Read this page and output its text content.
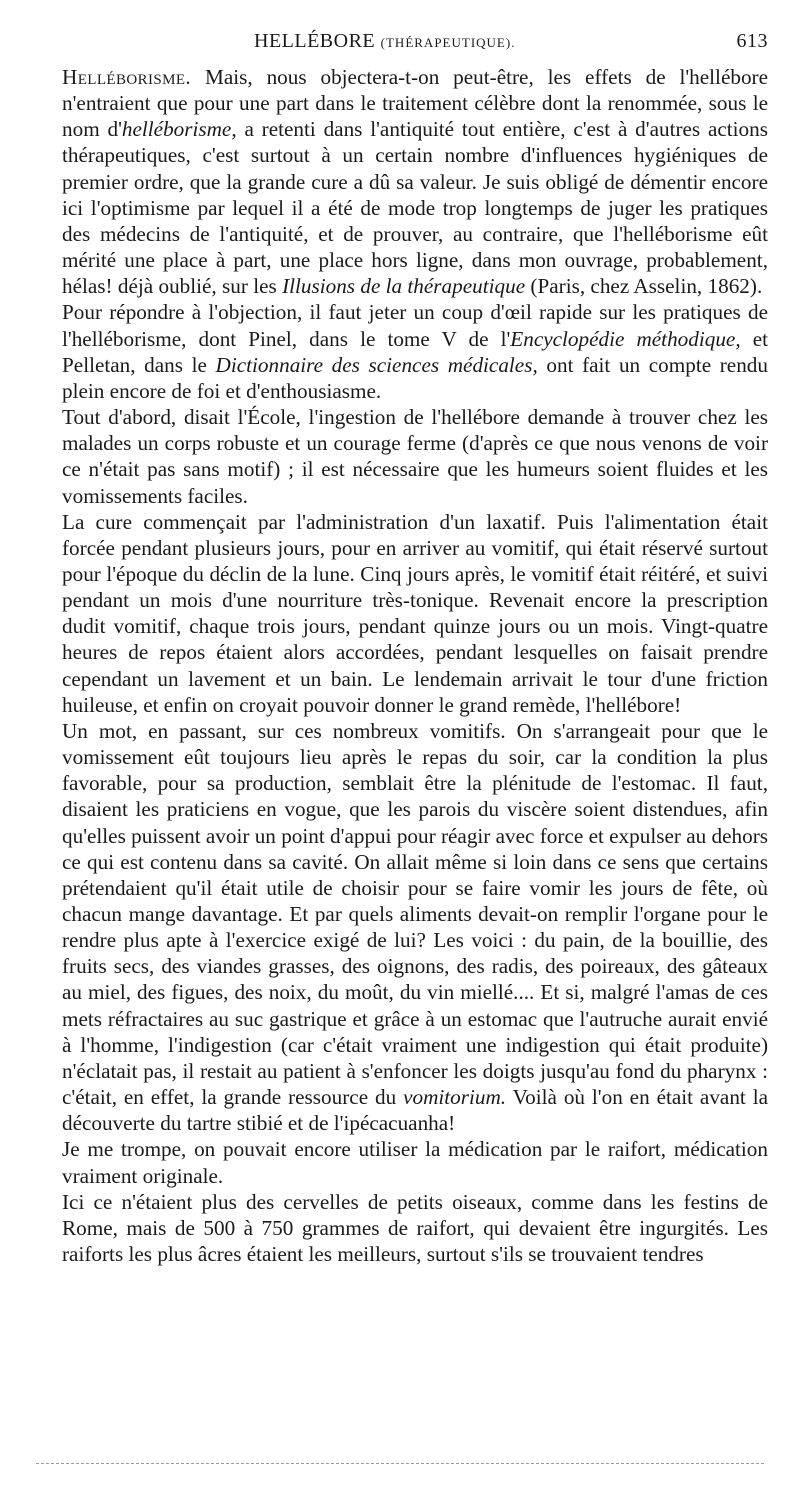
HELLÉBORE (THÉRAPEUTIQUE).	613

Helléborisme. Mais, nous objectera-t-on peut-être, les effets de l'hellébore n'entraient que pour une part dans le traitement célèbre dont la renommée, sous le nom d'helléborisme, a retenti dans l'antiquité tout entière, c'est à d'autres actions thérapeutiques, c'est surtout à un certain nombre d'influences hygiéniques de premier ordre, que la grande cure a dû sa valeur. Je suis obligé de démentir encore ici l'optimisme par lequel il a été de mode trop longtemps de juger les pratiques des médecins de l'antiquité, et de prouver, au contraire, que l'helléborisme eût mérité une place à part, une place hors ligne, dans mon ouvrage, probablement, hélas! déjà oublié, sur les Illusions de la thérapeutique (Paris, chez Asselin, 1862).

Pour répondre à l'objection, il faut jeter un coup d'œil rapide sur les pratiques de l'helléborisme, dont Pinel, dans le tome V de l'Encyclopédie méthodique, et Pelletan, dans le Dictionnaire des sciences médicales, ont fait un compte rendu plein encore de foi et d'enthousiasme.

Tout d'abord, disait l'École, l'ingestion de l'hellébore demande à trouver chez les malades un corps robuste et un courage ferme (d'après ce que nous venons de voir ce n'était pas sans motif) ; il est nécessaire que les humeurs soient fluides et les vomissements faciles.

La cure commençait par l'administration d'un laxatif. Puis l'alimentation était forcée pendant plusieurs jours, pour en arriver au vomitif, qui était réservé surtout pour l'époque du déclin de la lune. Cinq jours après, le vomitif était réitéré, et suivi pendant un mois d'une nourriture très-tonique. Revenait encore la prescription dudit vomitif, chaque trois jours, pendant quinze jours ou un mois. Vingt-quatre heures de repos étaient alors accordées, pendant lesquelles on faisait prendre cependant un lavement et un bain. Le lendemain arrivait le tour d'une friction huileuse, et enfin on croyait pouvoir donner le grand remède, l'hellébore!

Un mot, en passant, sur ces nombreux vomitifs. On s'arrangeait pour que le vomissement eût toujours lieu après le repas du soir, car la condition la plus favorable, pour sa production, semblait être la plénitude de l'estomac. Il faut, disaient les praticiens en vogue, que les parois du viscère soient distendues, afin qu'elles puissent avoir un point d'appui pour réagir avec force et expulser au dehors ce qui est contenu dans sa cavité. On allait même si loin dans ce sens que certains prétendaient qu'il était utile de choisir pour se faire vomir les jours de fête, où chacun mange davantage. Et par quels aliments devait-on remplir l'organe pour le rendre plus apte à l'exercice exigé de lui? Les voici : du pain, de la bouillie, des fruits secs, des viandes grasses, des oignons, des radis, des poireaux, des gâteaux au miel, des figues, des noix, du moût, du vin miellé.... Et si, malgré l'amas de ces mets réfractaires au suc gastrique et grâce à un estomac que l'autruche aurait envié à l'homme, l'indigestion (car c'était vraiment une indigestion qui était produite) n'éclatait pas, il restait au patient à s'enfoncer les doigts jusqu'au fond du pharynx : c'était, en effet, la grande ressource du vomitorium. Voilà où l'on en était avant la découverte du tartre stibié et de l'ipécacuanha!

Je me trompe, on pouvait encore utiliser la médication par le raifort, médication vraiment originale.

Ici ce n'étaient plus des cervelles de petits oiseaux, comme dans les festins de Rome, mais de 500 à 750 grammes de raifort, qui devaient être ingurgités. Les raiforts les plus âcres étaient les meilleurs, surtout s'ils se trouvaient tendres
